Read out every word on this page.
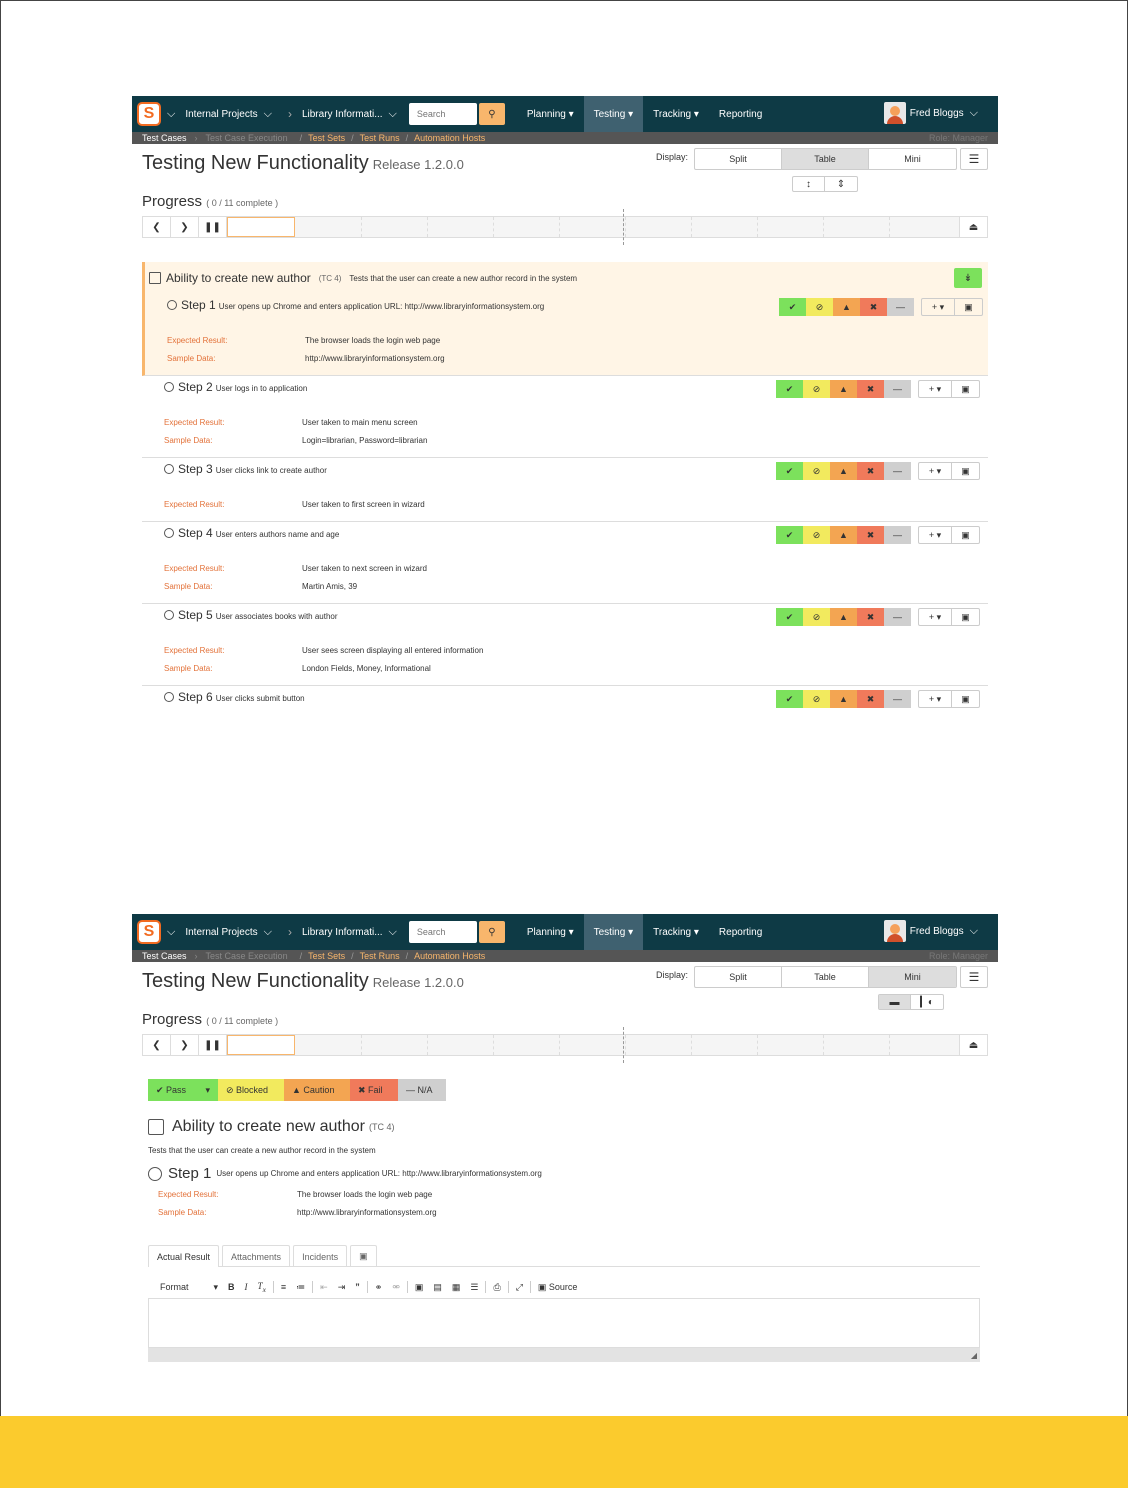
S	⌵ Internal Projects ⌵ › Library Informati... ⌵
Search	⚲	Planning ▾	Testing ▾	Tracking ▾	Reporting	Fred Bloggs ⌵
Test Cases › Test Case Execution / Test Sets / Test Runs / Automation Hosts	Role: Manager
Testing New Functionality Release 1.2.0.0	Display:	Split	Table	Mini	☰
↕	⇕
Progress ( 0 / 11 complete )
❮	❯	❚❚	⏏
Ability to create new author (TC 4) Tests that the user can create a new author record in the system	↡
Step 1 User opens up Chrome and enters application URL: http://www.libraryinformationsystem.org	✔	⊘	▲	✖	—	+ ▾	▣
Expected Result:	The browser loads the login web page
Sample Data:	http://www.libraryinformationsystem.org
Step 2 User logs in to application	✔	⊘	▲	✖	—	+ ▾	▣
Expected Result:	User taken to main menu screen
Sample Data:	Login=librarian, Password=librarian
Step 3 User clicks link to create author	✔	⊘	▲	✖	—	+ ▾	▣
Expected Result:	User taken to first screen in wizard
Step 4 User enters authors name and age	✔	⊘	▲	✖	—	+ ▾	▣
Expected Result:	User taken to next screen in wizard
Sample Data:	Martin Amis, 39
Step 5 User associates books with author	✔	⊘	▲	✖	—	+ ▾	▣
Expected Result:	User sees screen displaying all entered information
Sample Data:	London Fields, Money, Informational
Step 6 User clicks submit button	✔	⊘	▲	✖	—	+ ▾	▣
S	⌵ Internal Projects ⌵ › Library Informati... ⌵
Search	⚲	Planning ▾	Testing ▾	Tracking ▾	Reporting	Fred Bloggs ⌵
Test Cases › Test Case Execution / Test Sets / Test Runs / Automation Hosts	Role: Manager
Testing New Functionality Release 1.2.0.0	Display:	Split	Table	Mini	☰
▬	▎◐
Progress ( 0 / 11 complete )
❮	❯	❚❚	⏏
✔ Pass ▾ ⊘ Blocked	▲ Caution	✖ Fail	— N/A
Ability to create new author (TC 4)
Tests that the user can create a new author record in the system
Step 1 User opens up Chrome and enters application URL: http://www.libraryinformationsystem.org
Expected Result:	The browser loads the login web page
Sample Data:	http://www.libraryinformationsystem.org
Actual Result	Attachments	Incidents	▣
Format	▾ B I $T_x$ ≡ ≔ ⇤ ⇥ ” ⚭ ⚮ ▣ ▤ ▦ ☰ ⎙ ⤢ ▣ Source
◢
